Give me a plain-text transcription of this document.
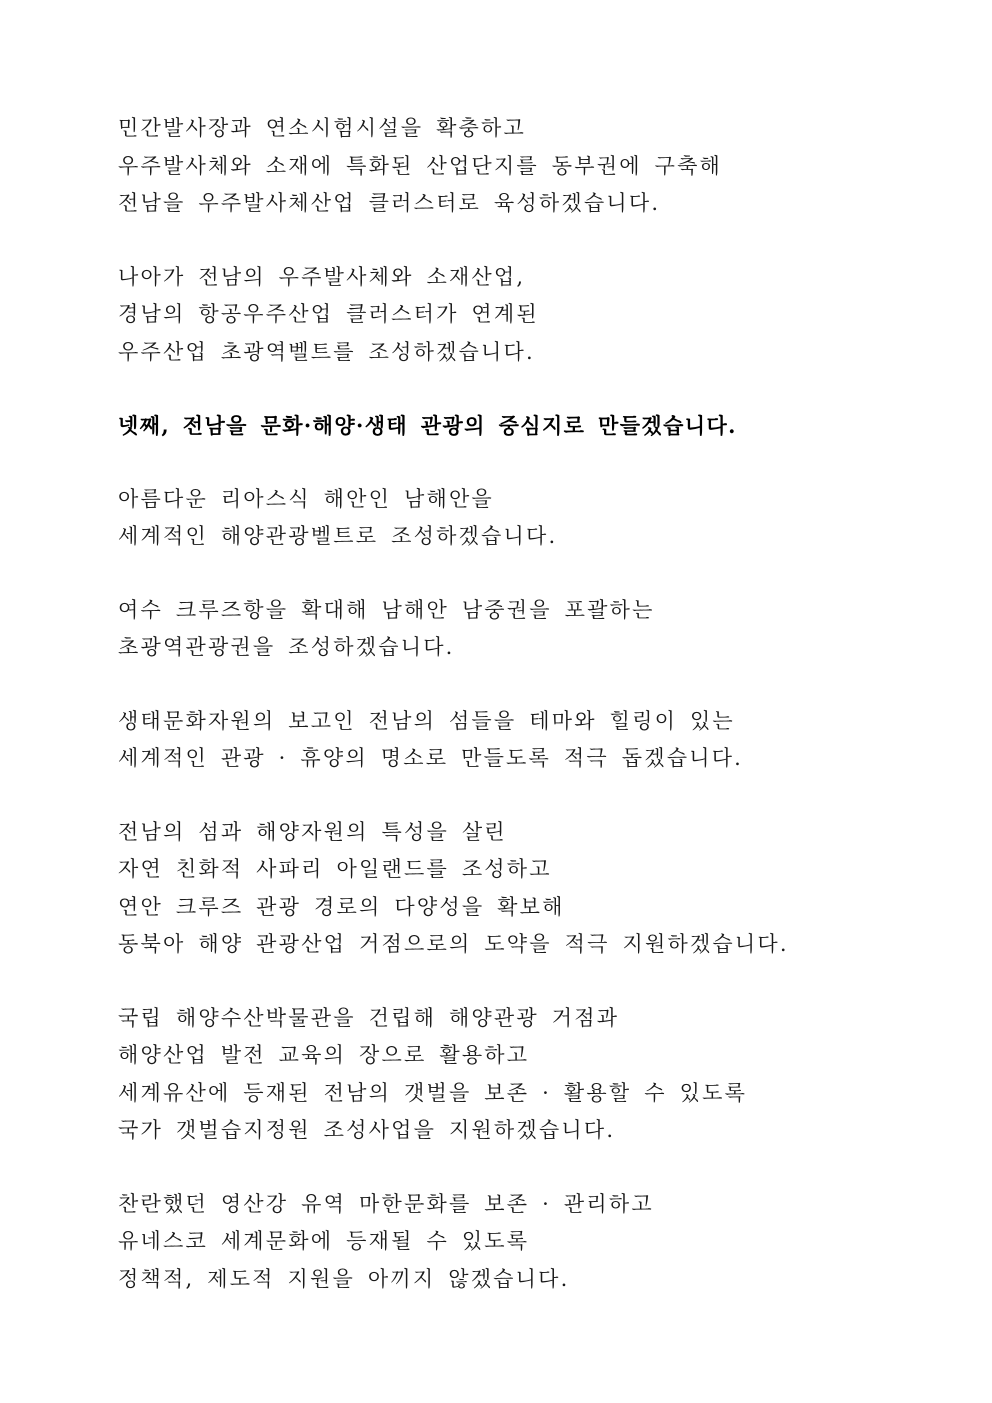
민간발사장과 연소시험시설을 확충하고
우주발사체와 소재에 특화된 산업단지를 동부권에 구축해
전남을 우주발사체산업 클러스터로 육성하겠습니다.
나아가 전남의 우주발사체와 소재산업,
경남의 항공우주산업 클러스터가 연계된
우주산업 초광역벨트를 조성하겠습니다.
넷째, 전남을 문화·해양·생태 관광의 중심지로 만들겠습니다.
아름다운 리아스식 해안인 남해안을
세계적인 해양관광벨트로 조성하겠습니다.
여수 크루즈항을 확대해 남해안 남중권을 포괄하는
초광역관광권을 조성하겠습니다.
생태문화자원의 보고인 전남의 섬들을 테마와 힐링이 있는
세계적인 관광 · 휴양의 명소로 만들도록 적극 돕겠습니다.
전남의 섬과 해양자원의 특성을 살린
자연 친화적 사파리 아일랜드를 조성하고
연안 크루즈 관광 경로의 다양성을 확보해
동북아 해양 관광산업 거점으로의 도약을 적극 지원하겠습니다.
국립 해양수산박물관을 건립해 해양관광 거점과
해양산업 발전 교육의 장으로 활용하고
세계유산에 등재된 전남의 갯벌을 보존 · 활용할 수 있도록
국가 갯벌습지정원 조성사업을 지원하겠습니다.
찬란했던 영산강 유역 마한문화를 보존 · 관리하고
유네스코 세계문화에 등재될 수 있도록
정책적, 제도적 지원을 아끼지 않겠습니다.
